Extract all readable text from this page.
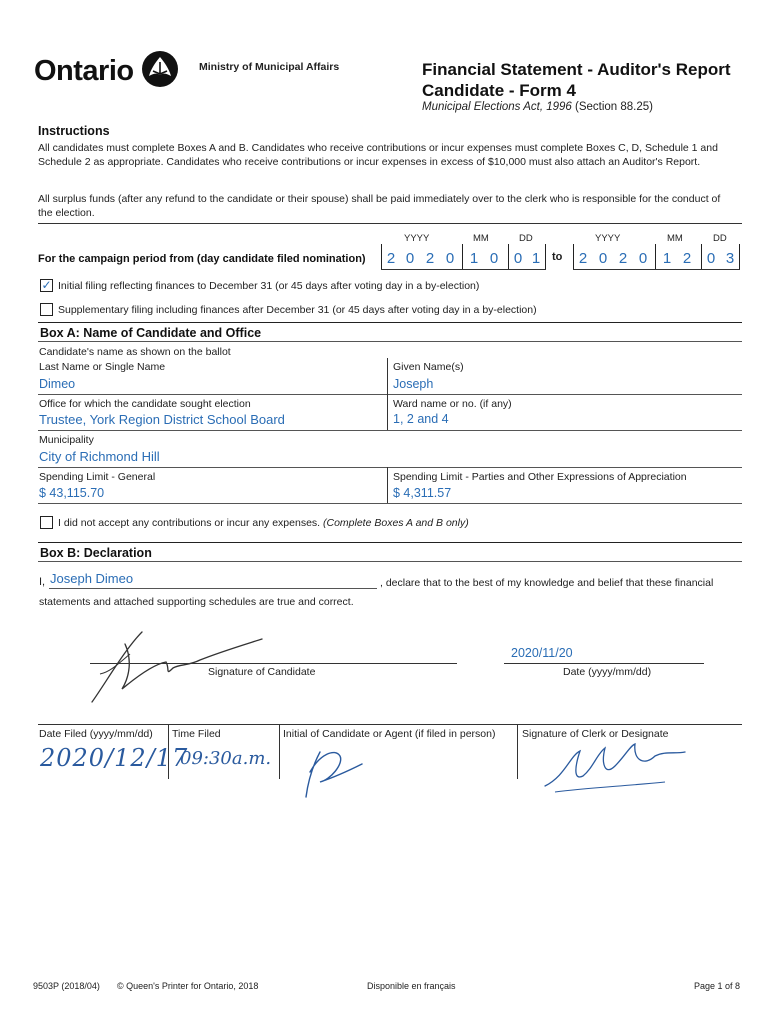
Ontario	Ministry of Municipal Affairs	Financial Statement - Auditor's Report
Candidate - Form 4
Municipal Elections Act, 1996 (Section 88.25)
Instructions
All candidates must complete Boxes A and B. Candidates who receive contributions or incur expenses must complete Boxes C, D, Schedule 1 and Schedule 2 as appropriate. Candidates who receive contributions or incur expenses in excess of $10,000 must also attach an Auditor's Report.
All surplus funds (after any refund to the candidate or their spouse) shall be paid immediately over to the clerk who is responsible for the conduct of the election.
YYYY	MM	DD	YYYY	MM	DD
For the campaign period from (day candidate filed nomination)	2 0 2 0	1 0	0 1	to	2 0 2 0	1 2	0 3
✓ Initial filing reflecting finances to December 31 (or 45 days after voting day in a by-election)
Supplementary filing including finances after December 31 (or 45 days after voting day in a by-election)
Box A: Name of Candidate and Office
Candidate's name as shown on the ballot
Last Name or Single Name
Dimeo
Given Name(s)
Joseph
Office for which the candidate sought election
Trustee, York Region District School Board
Ward name or no. (if any)
1, 2 and 4
Municipality
City of Richmond Hill
Spending Limit - General
$ 43,115.70
Spending Limit - Parties and Other Expressions of Appreciation
$ 4,311.57
I did not accept any contributions or incur any expenses. (Complete Boxes A and B only)
Box B: Declaration
I, Joseph Dimeo	, declare that to the best of my knowledge and belief that these financial
statements and attached supporting schedules are true and correct.
Signature of Candidate
2020/11/20
Date (yyyy/mm/dd)
Date Filed (yyyy/mm/dd) Time Filed	Initial of Candidate or Agent (if filed in person)	Signature of Clerk or Designate
2020/12/17
09:30a.m.
9503P (2018/04) © Queen's Printer for Ontario, 2018	Disponible en français	Page 1 of 8
